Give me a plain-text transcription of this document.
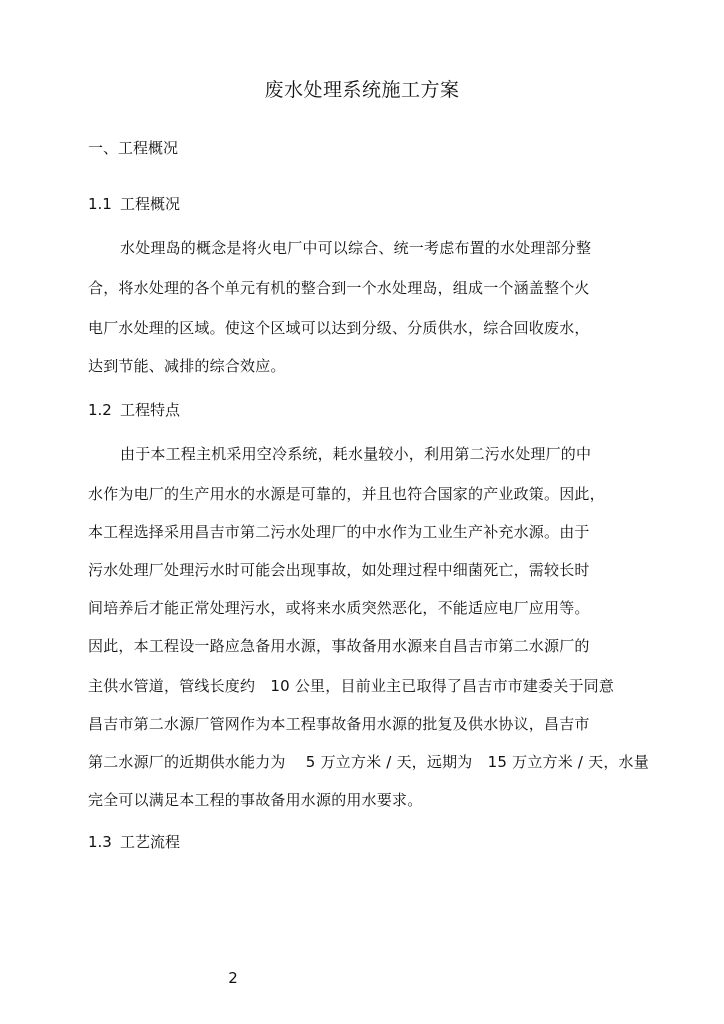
废水处理系统施工方案
一、工程概况
1.1 工程概况
水处理岛的概念是将火电厂中可以综合、统一考虑布置的水处理部分整
合，将水处理的各个单元有机的整合到一个水处理岛，组成一个涵盖整个火
电厂水处理的区域。使这个区域可以达到分级、分质供水，综合回收废水，
达到节能、减排的综合效应。
1.2 工程特点
由于本工程主机采用空冷系统，耗水量较小，利用第二污水处理厂的中
水作为电厂的生产用水的水源是可靠的，并且也符合国家的产业政策。因此，
本工程选择采用昌吉市第二污水处理厂的中水作为工业生产补充水源。由于
污水处理厂处理污水时可能会出现事故，如处理过程中细菌死亡，需较长时
间培养后才能正常处理污水，或将来水质突然恶化，不能适应电厂应用等。
因此，本工程设一路应急备用水源，事故备用水源来自昌吉市第二水源厂的
主供水管道，管线长度约　10 公里，目前业主已取得了昌吉市市建委关于同意
昌吉市第二水源厂管网作为本工程事故备用水源的批复及供水协议，昌吉市
第二水源厂的近期供水能力为　 5 万立方米 / 天，远期为　15 万立方米 / 天，水量
完全可以满足本工程的事故备用水源的用水要求。
1.3 工艺流程
2
